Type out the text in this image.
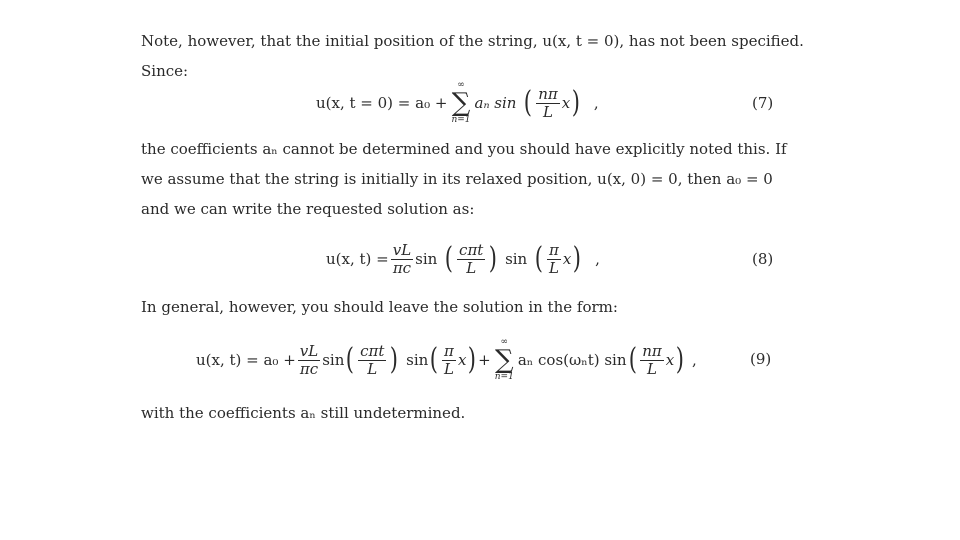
Note, however, that the initial position of the string, u(x, t = 0), has not been specified.
Since:
u(x, t = 0) = a₀ +
∞
∑
n=1
aₙ sin ( $\frac{n\pi}{L}$ x ) ,	(7)
the coefficients aₙ cannot be determined and you should have explicitly noted this. If
we assume that the string is initially in its relaxed position, u(x, 0) = 0, then a₀ = 0
and we can write the requested solution as:
u(x, $t) = \frac{vL}{\pi c}$ sin ( $\frac{\text{cπt}}{L}$ ) sin ( $\frac{\pi}{L}$ x ) ,	(8)
In general, however, you should leave the solution in the form:
u(x, $t) = a_0 + \frac{vL}{\pi c}$ sin ( $\frac{\text{cπt}}{L}$ ) sin ( $\frac{\pi}{L}$ x ) +
∞
∑
n=1
aₙ cos(ωₙt) sin ( $\frac{n\pi}{L}$ x ) ,	(9)
with the coefficients aₙ still undetermined.
